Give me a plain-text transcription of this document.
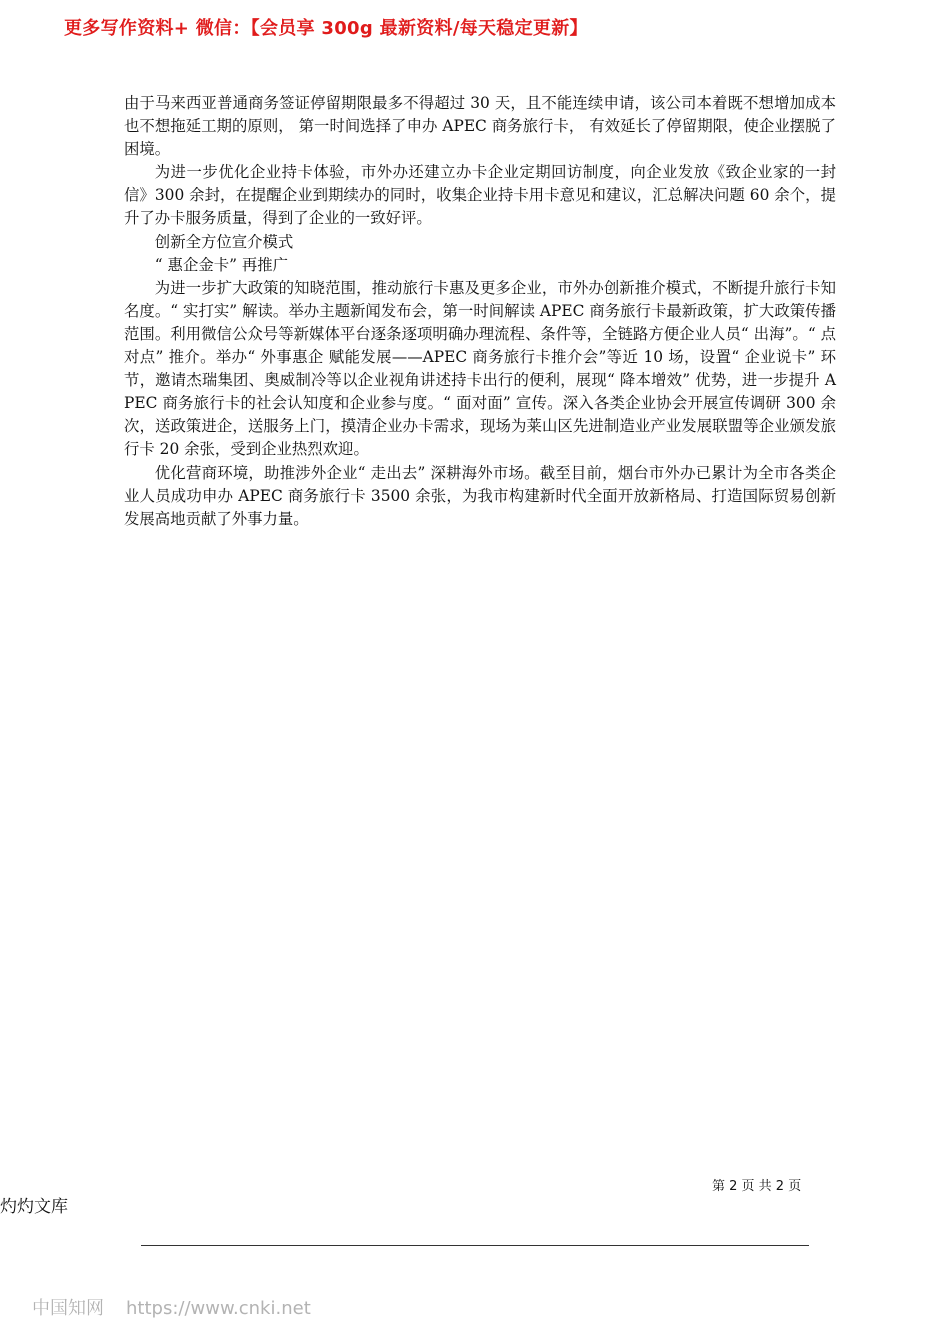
更多写作资料+ 微信：【会员享 300g 最新资料/每天稳定更新】

由于马来西亚普通商务签证停留期限最多不得超过 30 天，且不能连续申请，该公司本着既不想增加成本也不想拖延工期的原则， 第一时间选择了申办 APEC 商务旅行卡， 有效延长了停留期限，使企业摆脱了困境。

为进一步优化企业持卡体验，市外办还建立办卡企业定期回访制度，向企业发放《致企业家的一封信》300 余封，在提醒企业到期续办的同时，收集企业持卡用卡意见和建议，汇总解决问题 60 余个，提升了办卡服务质量，得到了企业的一致好评。

创新全方位宣介模式

“ 惠企金卡” 再推广

为进一步扩大政策的知晓范围，推动旅行卡惠及更多企业，市外办创新推介模式，不断提升旅行卡知名度。“ 实打实” 解读。举办主题新闻发布会，第一时间解读 APEC 商务旅行卡最新政策，扩大政策传播范围。利用微信公众号等新媒体平台逐条逐项明确办理流程、条件等，全链路方便企业人员“ 出海”。“ 点对点” 推介。举办“ 外事惠企 赋能发展——APEC 商务旅行卡推介会”等近 10 场，设置“ 企业说卡” 环节，邀请杰瑞集团、奥威制冷等以企业视角讲述持卡出行的便利，展现“ 降本增效” 优势，进一步提升 APEC 商务旅行卡的社会认知度和企业参与度。“ 面对面” 宣传。深入各类企业协会开展宣传调研 300 余次，送政策进企，送服务上门，摸清企业办卡需求，现场为莱山区先进制造业产业发展联盟等企业颁发旅行卡 20 余张，受到企业热烈欢迎。

优化营商环境，助推涉外企业“ 走出去” 深耕海外市场。截至目前，烟台市外办已累计为全市各类企业人员成功申办 APEC 商务旅行卡 3500 余张，为我市构建新时代全面开放新格局、打造国际贸易创新发展高地贡献了外事力量。

第 2 页 共 2 页
灼灼文库
中国知网 https://www.cnki.net
